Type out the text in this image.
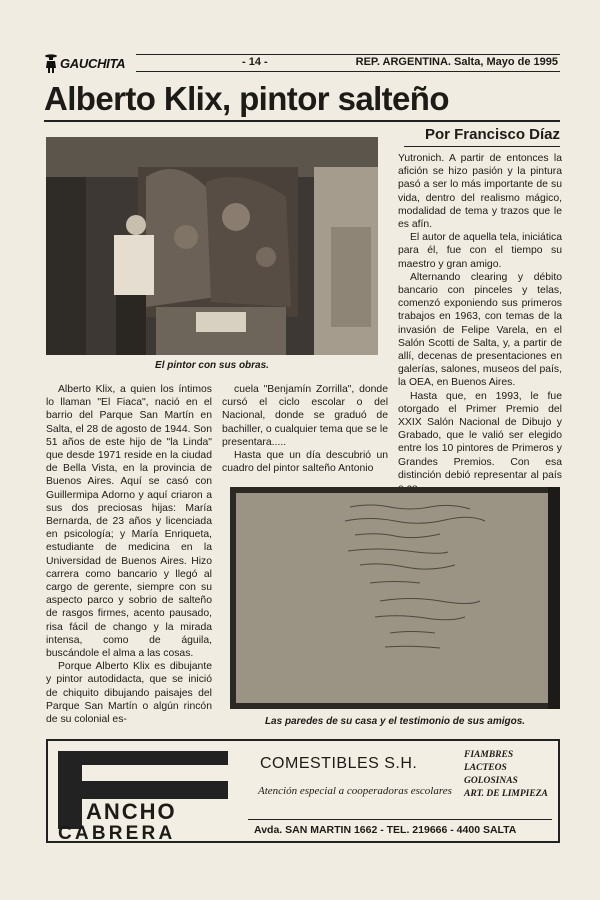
GAUCHITA	- 14 -	REP. ARGENTINA. Salta, Mayo de 1995
Alberto Klix, pintor salteño
Por Francisco Díaz
El pintor con sus obras.

Alberto Klix, a quien los íntimos lo llaman "El Fiaca", nació en el barrio del Parque San Martín en Salta, el 28 de agosto de 1944. Son 51 años de este hijo de "la Linda" que desde 1971 reside en la ciudad de Bella Vista, en la provincia de Buenos Aires. Aquí se casó con Guillermipa Adorno y aquí criaron a sus dos preciosas hijas: María Bernarda, de 23 años y licenciada en psicología; y María Enriqueta, estudiante de medicina en la Universidad de Buenos Aires. Hizo carrera como bancario y llegó al cargo de gerente, siempre con su aspecto parco y sobrio de salteño de rasgos firmes, acento pausado, risa fácil de chango y la mirada intensa, como de águila, buscándole el alma a las cosas.

Porque Alberto Klix es dibujante y pintor autodidacta, que se inició de chiquito dibujando paisajes del Parque San Martín o algún rincón de su colonial es-

cuela "Benjamín Zorrilla", donde cursó el ciclo escolar o del Nacional, donde se graduó de bachiller, o cualquier tema que se le presentara.....

Hasta que un día descubrió un cuadro del pintor salteño Antonio

Yutronich. A partir de entonces la afición se hizo pasión y la pintura pasó a ser lo más importante de su vida, dentro del realismo mágico, modalidad de tema y trazos que le es afín.

El autor de aquella tela, iniciática para él, fue con el tiempo su maestro y gran amigo.

Alternando clearing y débito bancario con pinceles y telas, comenzó exponiendo sus primeros trabajos en 1963, con temas de la invasión de Felipe Varela, en el Salón Scotti de Salta, y, a partir de allí, decenas de presentaciones en galerías, salones, museos del país, la OEA, en Buenos Aires.

Hasta que, en 1993, le fue otorgado el Primer Premio del XXIX Salón Nacional de Dibujo y Grabado, que le valió ser elegido entre los 10 pintores de Primeros y Grandes Premios. Con esa distinción debió representar al país

Las paredes de su casa y el testimonio de sus amigos.
ANCHO
CABRERA
COMESTIBLES S.H.
Atención especial a cooperadoras escolares
FIAMBRES
LACTEOS
GOLOSINAS
ART. DE LIMPIEZA
Avda. SAN MARTIN 1662 - TEL. 219666 - 4400 SALTA
